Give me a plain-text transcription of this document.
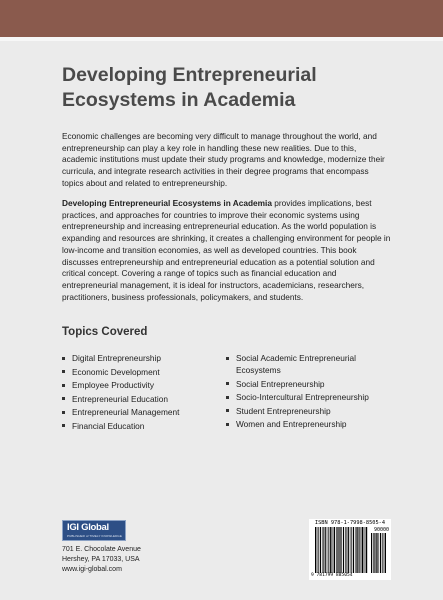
Developing Entrepreneurial
Ecosystems in Academia

Economic challenges are becoming very difficult to manage throughout the world, and entrepreneurship can play a key role in handling these new realities. Due to this, academic institutions must update their study programs and knowledge, modernize their curricula, and integrate research activities in their degree programs that encompass topics about and related to entrepreneurship.

Developing Entrepreneurial Ecosystems in Academia provides implications, best practices, and approaches for countries to improve their economic systems using entrepreneurship and increasing entrepreneurial education. As the world population is expanding and resources are shrinking, it creates a challenging environment for people in low-income and transition economies, as well as developed countries. This book discusses entrepreneurship and entrepreneurial education as a potential solution and critical concept. Covering a range of topics such as financial education and entrepreneurial management, it is ideal for instructors, academicians, researchers, practitioners, business professionals, policymakers, and students.

Topics Covered
Digital Entrepreneurship
Economic Development
Employee Productivity
Entrepreneurial Education
Entrepreneurial Management
Financial Education
Social Academic Entrepreneurial Ecosystems
Social Entrepreneurship
Socio-Intercultural Entrepreneurship
Student Entrepreneurship
Women and Entrepreneurship
IGI Global
PUBLISHER of TIMELY KNOWLEDGE
701 E. Chocolate Avenue
Hershey, PA 17033, USA
www.igi-global.com
ISBN 978-1-7998-8505-4
90000
9 781799 885054
